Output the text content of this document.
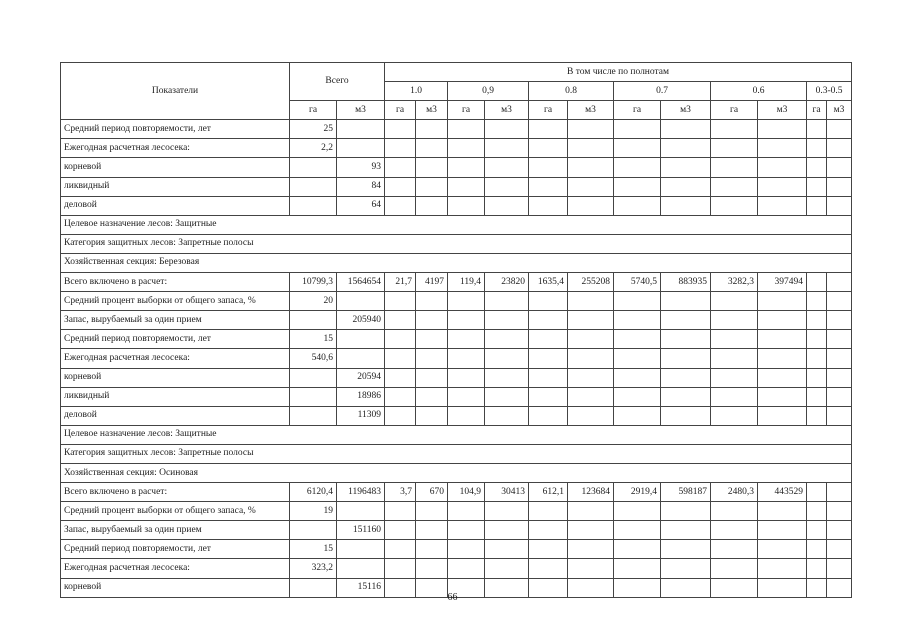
Показатели	Всего		В том числе по полнотам											
			1.0		0,9		0.8		0.7		0.6		0.3-0.5	
	га	м3	га	м3	га	м3	га	м3	га	м3	га	м3	га	м3
Средний период повторяемости, лет	25													
Ежегодная расчетная лесосека:	2,2													
корневой		93												
ликвидный		84												
деловой		64												
Целевое назначение лесов: Защитные														
Категория защитных лесов: Запретные полосы														
Хозяйственная секция: Березовая														
Всего включено в расчет:	10799,3	1564654	21,7	4197	119,4	23820	1635,4	255208	5740,5	883935	3282,3	397494		
Средний процент выборки от общего запаса, %	20													
Запас, вырубаемый за один прием		205940												
Средний период повторяемости, лет	15													
Ежегодная расчетная лесосека:	540,6													
корневой		20594												
ликвидный		18986												
деловой		11309												
Целевое назначение лесов: Защитные														
Категория защитных лесов: Запретные полосы														
Хозяйственная секция: Осиновая														
Всего включено в расчет:	6120,4	1196483	3,7	670	104,9	30413	612,1	123684	2919,4	598187	2480,3	443529		
Средний процент выборки от общего запаса, %	19													
Запас, вырубаемый за один прием		151160												
Средний период повторяемости, лет	15													
Ежегодная расчетная лесосека:	323,2													
корневой		15116												
66
